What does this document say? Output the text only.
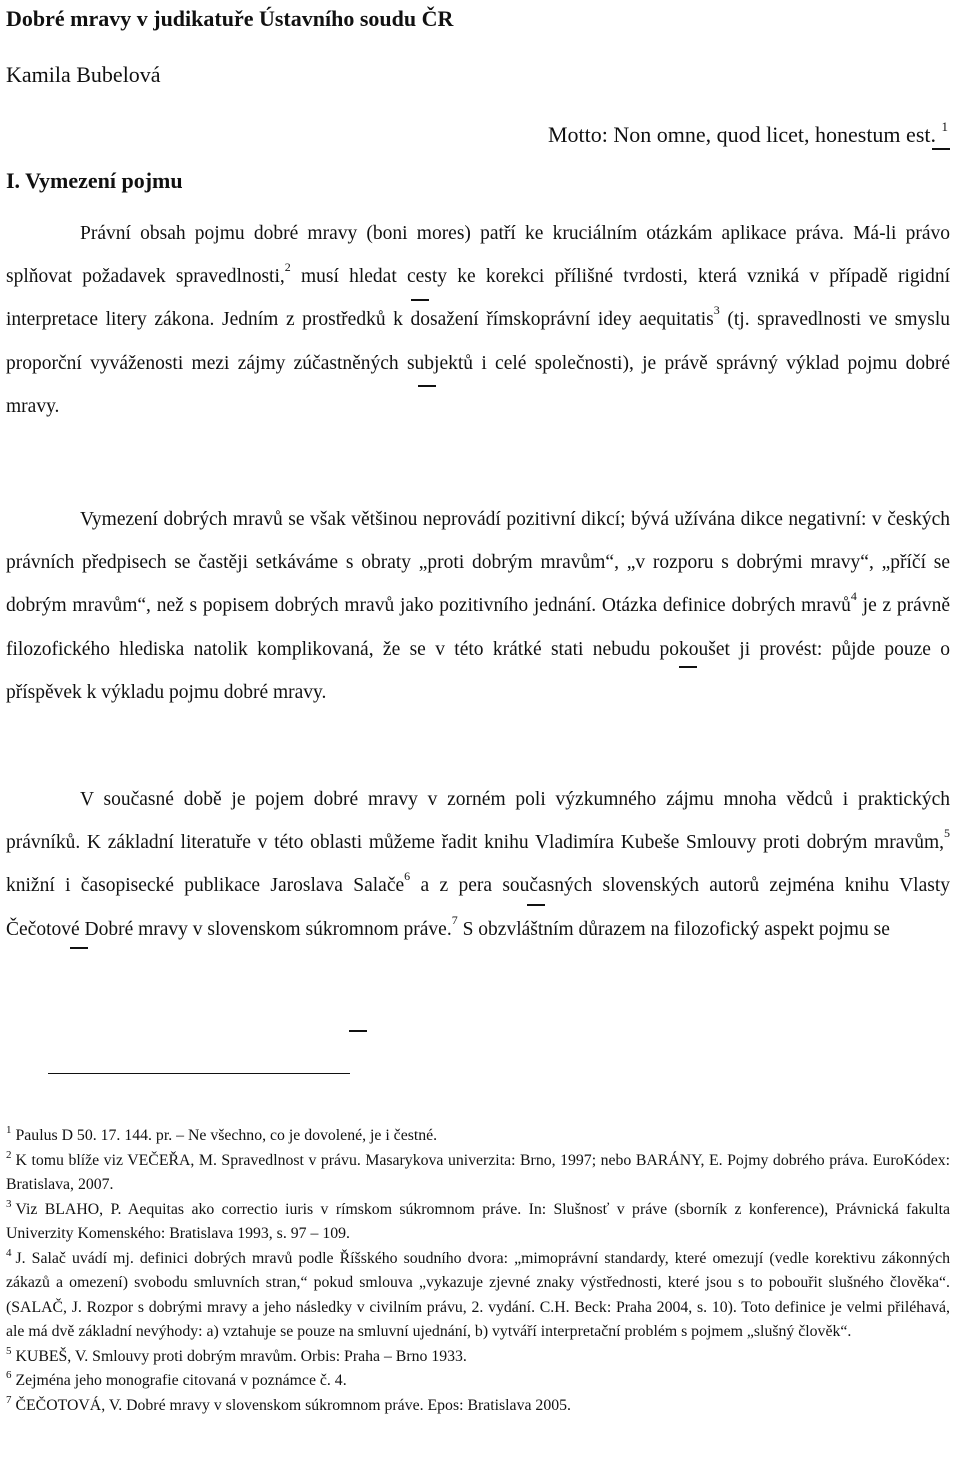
Dobré mravy v judikatuře Ústavního soudu ČR
Kamila Bubelová
Motto: Non omne, quod licet, honestum est. $^1$
I. Vymezení pojmu

Právní obsah pojmu dobré mravy (boni mores) patří ke kruciálním otázkám aplikace práva. Má-li právo splňovat požadavek spravedlnosti,$^2$ musí hledat cesty ke korekci přílišné tvrdosti, která vzniká v případě rigidní interpretace litery zákona. Jedním z prostředků k dosažení římskoprávní idey aequitatis$^3$ (tj. spravedlnosti ve smyslu proporční vyváženosti mezi zájmy zúčastněných subjektů i celé společnosti), je právě správný výklad pojmu dobré mravy.

Vymezení dobrých mravů se však většinou neprovádí pozitivní dikcí; bývá užívána dikce negativní: v českých právních předpisech se častěji setkáváme s obraty „proti dobrým mravům“, „v rozporu s dobrými mravy“, „příčí se dobrým mravům“, než s popisem dobrých mravů jako pozitivního jednání. Otázka definice dobrých mravů$^4$ je z právně filozofického hlediska natolik komplikovaná, že se v této krátké stati nebudu pokoušet ji provést: půjde pouze o příspěvek k výkladu pojmu dobré mravy.

V současné době je pojem dobré mravy v zorném poli výzkumného zájmu mnoha vědců i praktických právníků. K základní literatuře v této oblasti můžeme řadit knihu Vladimíra Kubeše Smlouvy proti dobrým mravům,$^5$ knižní i časopisecké publikace Jaroslava Salače$^6$ a z pera současných slovenských autorů zejména knihu Vlasty Čečotové Dobré mravy v slovenskom súkromnom práve.$^7$ S obzvláštním důrazem na filozofický aspekt pojmu se

$^1$ Paulus D 50. 17. 144. pr. – Ne všechno, co je dovolené, je i čestné.

$^2$ K tomu blíže viz VEČEŘA, M. Spravedlnost v právu. Masarykova univerzita: Brno, 1997; nebo BARÁNY, E. Pojmy dobrého práva. EuroKódex: Bratislava, 2007.

$^3$ Viz BLAHO, P. Aequitas ako correctio iuris v rímskom súkromnom práve. In: Slušnosť v práve (sborník z konference), Právnická fakulta Univerzity Komenského: Bratislava 1993, s. 97 – 109.

$^4$ J. Salač uvádí mj. definici dobrých mravů podle Říšského soudního dvora: „mimoprávní standardy, které omezují (vedle korektivu zákonných zákazů a omezení) svobodu smluvních stran,“ pokud smlouva „vykazuje zjevné znaky výstřednosti, které jsou s to pobouřit slušného člověka“. (SALAČ, J. Rozpor s dobrými mravy a jeho následky v civilním právu, 2. vydání. C.H. Beck: Praha 2004, s. 10). Toto definice je velmi přiléhavá, ale má dvě základní nevýhody: a) vztahuje se pouze na smluvní ujednání, b) vytváří interpretační problém s pojmem „slušný člověk“.

$^5$ KUBEŠ, V. Smlouvy proti dobrým mravům. Orbis: Praha – Brno 1933.

$^6$ Zejména jeho monografie citovaná v poznámce č. 4.

$^7$ ČEČOTOVÁ, V. Dobré mravy v slovenskom súkromnom práve. Epos: Bratislava 2005.
